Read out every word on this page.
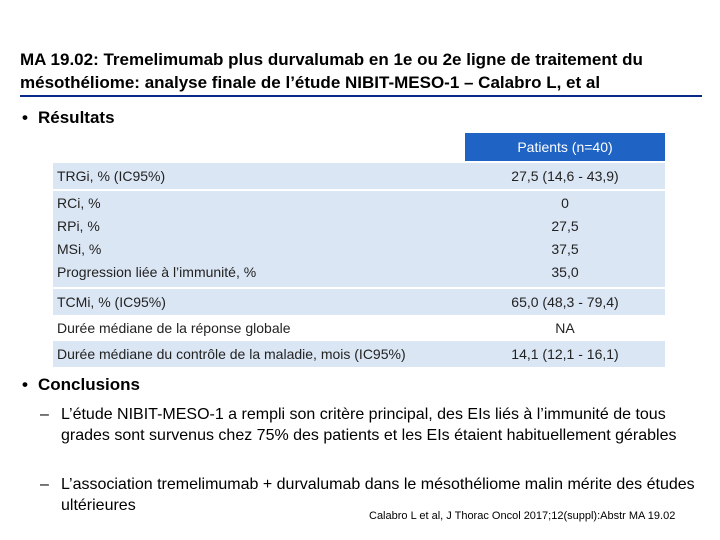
MA 19.02: Tremelimumab plus durvalumab en 1e ou 2e ligne de traitement du mésothéliome: analyse finale de l’étude NIBIT-MESO-1 – Calabro L, et al
• Résultats
Patients (n=40)
TRGi, % (IC95%)	27,5 (14,6 - 43,9)
RCi, %	0
RPi, %	27,5
MSi, %	37,5
Progression liée à l’immunité, %	35,0
TCMi, % (IC95%)	65,0 (48,3 - 79,4)
Durée médiane de la réponse globale	NA
Durée médiane du contrôle de la maladie, mois (IC95%)	14,1 (12,1 - 16,1)
• Conclusions
– L’étude NIBIT-MESO-1 a rempli son critère principal, des EIs liés à l’immunité de tous grades sont survenus chez 75% des patients et les EIs étaient habituellement gérables
– L’association tremelimumab + durvalumab dans le mésothéliome malin mérite des études ultérieures
Calabro L et al, J Thorac Oncol 2017;12(suppl):Abstr MA 19.02
